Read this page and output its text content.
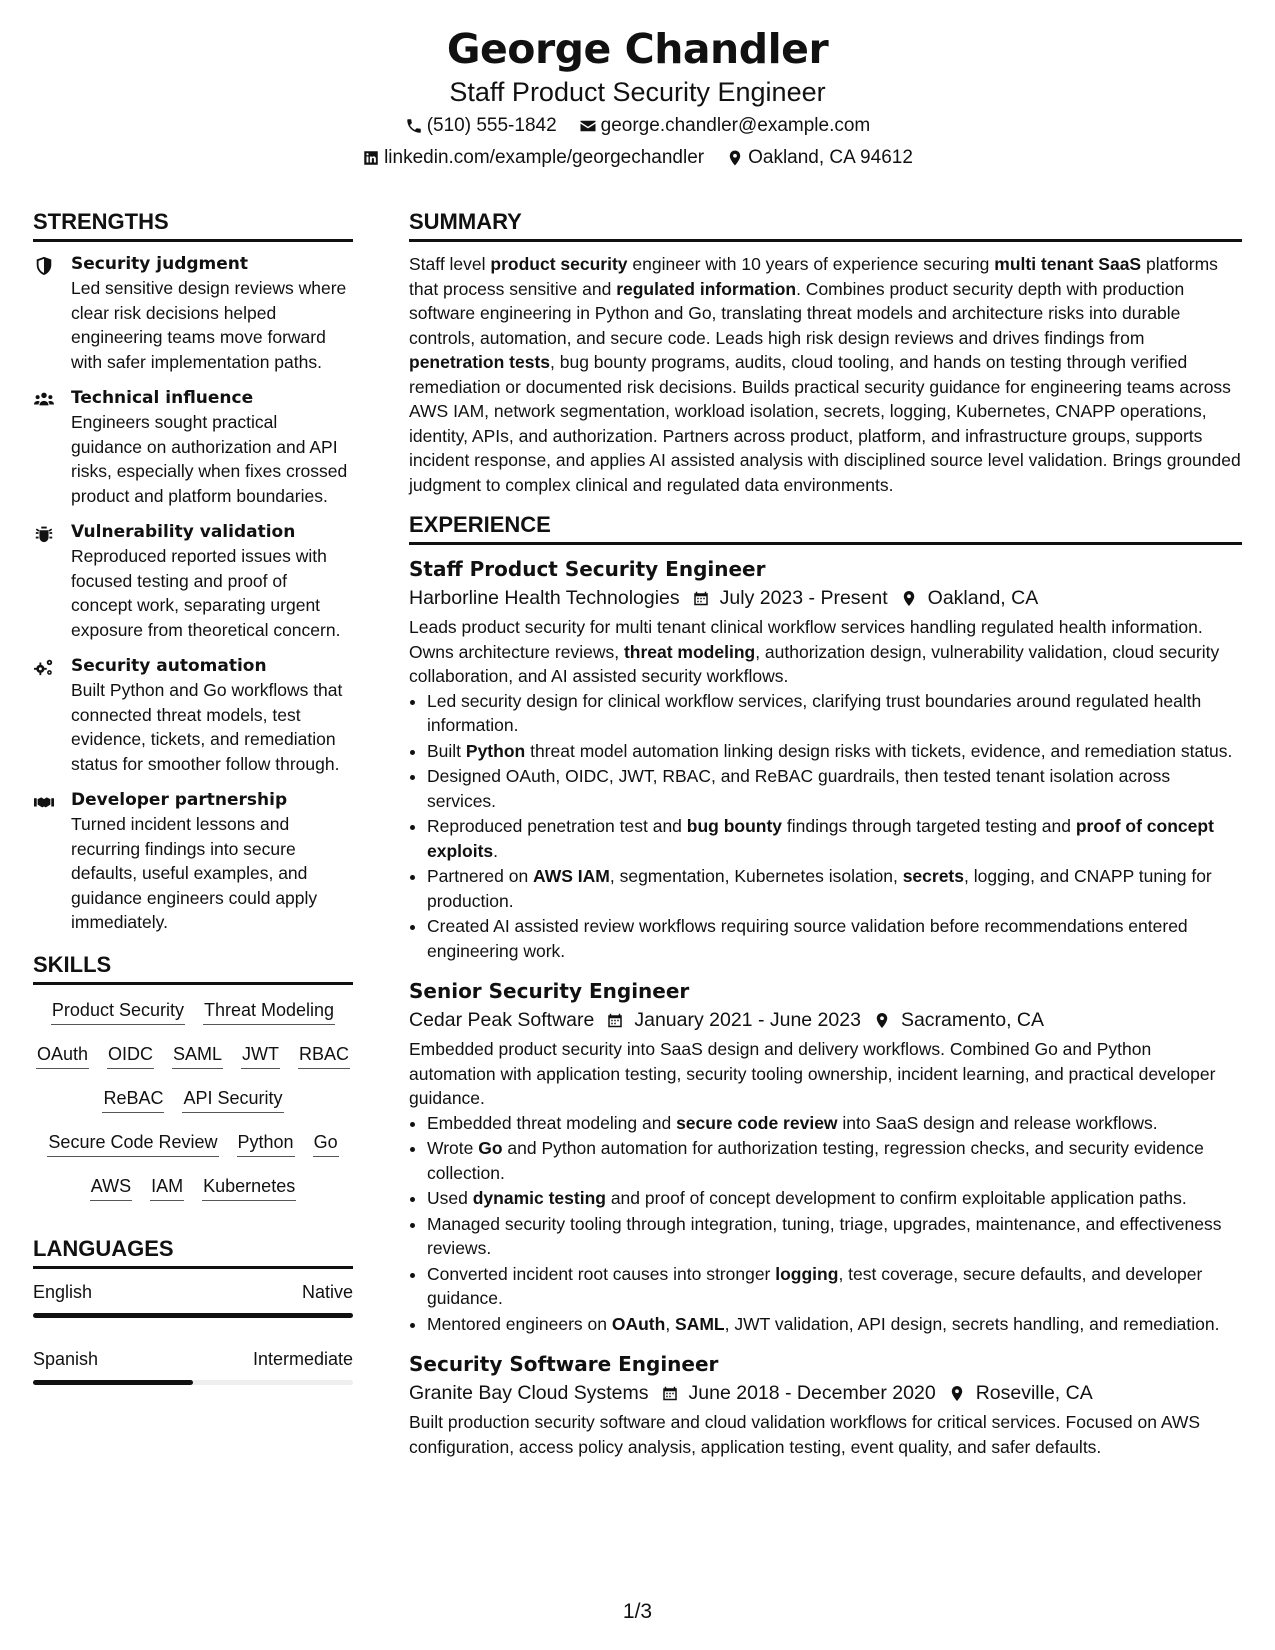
George Chandler
Staff Product Security Engineer
(510) 555-1842 george.chandler@example.com
linkedin.com/example/georgechandler Oakland, CA 94612
STRENGTHS
Security judgment
Led sensitive design reviews where clear risk decisions helped engineering teams move forward with safer implementation paths.
Technical influence
Engineers sought practical guidance on authorization and API risks, especially when fixes crossed product and platform boundaries.
Vulnerability validation
Reproduced reported issues with focused testing and proof of concept work, separating urgent exposure from theoretical concern.
Security automation
Built Python and Go workflows that connected threat models, test evidence, tickets, and remediation status for smoother follow through.
Developer partnership
Turned incident lessons and recurring findings into secure defaults, useful examples, and guidance engineers could apply immediately.
SKILLS
Product Security Threat Modeling
OAuth OIDC SAML JWT RBAC
ReBAC API Security
Secure Code Review Python Go
AWS IAM Kubernetes
LANGUAGES
English	Native
Spanish	Intermediate
SUMMARY
Staff level product security engineer with 10 years of experience securing multi tenant SaaS platforms that process sensitive and regulated information. Combines product security depth with production software engineering in Python and Go, translating threat models and architecture risks into durable controls, automation, and secure code. Leads high risk design reviews and drives findings from penetration tests, bug bounty programs, audits, cloud tooling, and hands on testing through verified remediation or documented risk decisions. Builds practical security guidance for engineering teams across AWS IAM, network segmentation, workload isolation, secrets, logging, Kubernetes, CNAPP operations, identity, APIs, and authorization. Partners across product, platform, and infrastructure groups, supports incident response, and applies AI assisted analysis with disciplined source level validation. Brings grounded judgment to complex clinical and regulated data environments.
EXPERIENCE
Staff Product Security Engineer
Harborline Health Technologies July 2023 - Present Oakland, CA
Leads product security for multi tenant clinical workflow services handling regulated health information. Owns architecture reviews, threat modeling, authorization design, vulnerability validation, cloud security collaboration, and AI assisted security workflows.
• Led security design for clinical workflow services, clarifying trust boundaries around regulated health information.
• Built Python threat model automation linking design risks with tickets, evidence, and remediation status.
• Designed OAuth, OIDC, JWT, RBAC, and ReBAC guardrails, then tested tenant isolation across services.
• Reproduced penetration test and bug bounty findings through targeted testing and proof of concept exploits.
• Partnered on AWS IAM, segmentation, Kubernetes isolation, secrets, logging, and CNAPP tuning for production.
• Created AI assisted review workflows requiring source validation before recommendations entered engineering work.
Senior Security Engineer
Cedar Peak Software January 2021 - June 2023 Sacramento, CA
Embedded product security into SaaS design and delivery workflows. Combined Go and Python automation with application testing, security tooling ownership, incident learning, and practical developer guidance.
• Embedded threat modeling and secure code review into SaaS design and release workflows.
• Wrote Go and Python automation for authorization testing, regression checks, and security evidence collection.
• Used dynamic testing and proof of concept development to confirm exploitable application paths.
• Managed security tooling through integration, tuning, triage, upgrades, maintenance, and effectiveness reviews.
• Converted incident root causes into stronger logging, test coverage, secure defaults, and developer guidance.
• Mentored engineers on OAuth, SAML, JWT validation, API design, secrets handling, and remediation.
Security Software Engineer
Granite Bay Cloud Systems June 2018 - December 2020 Roseville, CA
Built production security software and cloud validation workflows for critical services. Focused on AWS configuration, access policy analysis, application testing, event quality, and safer defaults.
1/3
